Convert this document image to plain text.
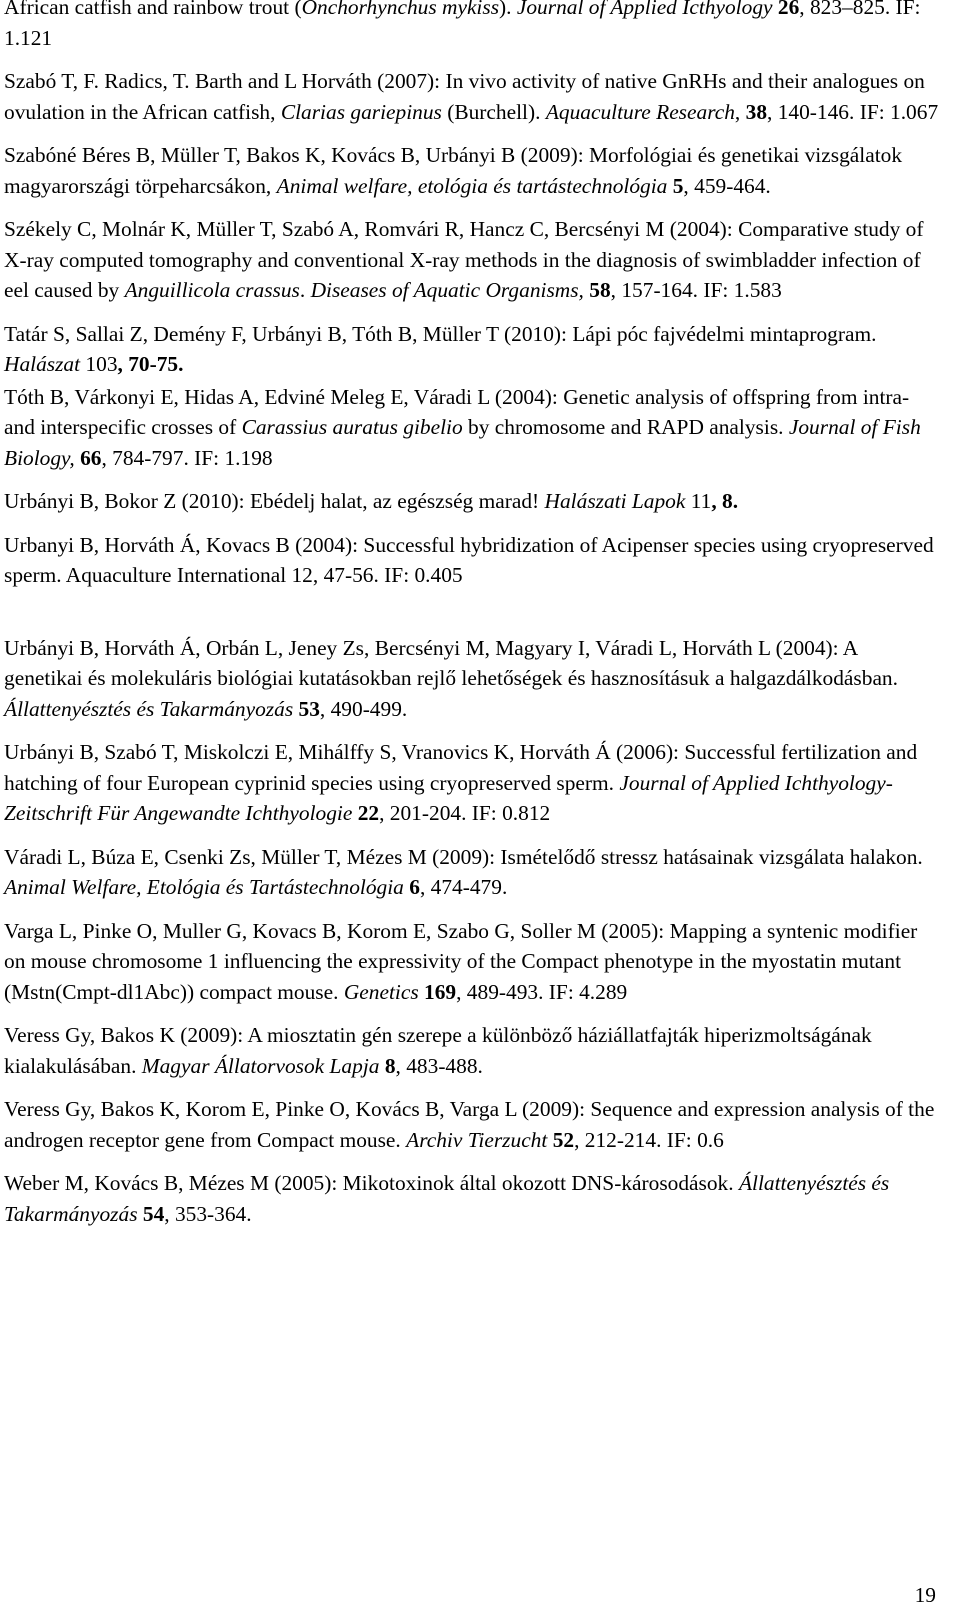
African catfish and rainbow trout (Onchorhynchus mykiss). Journal of Applied Icthyology 26, 823–825. IF: 1.121

Szabó T, F. Radics, T. Barth and L Horváth (2007): In vivo activity of native GnRHs and their analogues on ovulation in the African catfish, Clarias gariepinus (Burchell). Aquaculture Research, 38, 140-146. IF: 1.067

Szabóné Béres B, Müller T, Bakos K, Kovács B, Urbányi B (2009): Morfológiai és genetikai vizsgálatok magyarországi törpeharcsákon, Animal welfare, etológia és tartástechnológia 5, 459-464.

Székely C, Molnár K, Müller T, Szabó A, Romvári R, Hancz C, Bercsényi M (2004): Comparative study of X-ray computed tomography and conventional X-ray methods in the diagnosis of swimbladder infection of eel caused by Anguillicola crassus. Diseases of Aquatic Organisms, 58, 157-164. IF: 1.583

Tatár S, Sallai Z, Demény F, Urbányi B, Tóth B, Müller T (2010): Lápi póc fajvédelmi mintaprogram. Halászat 103, 70-75.

Tóth B, Várkonyi E, Hidas A, Edviné Meleg E, Váradi L (2004): Genetic analysis of offspring from intra- and interspecific crosses of Carassius auratus gibelio by chromosome and RAPD analysis. Journal of Fish Biology, 66, 784-797. IF: 1.198

Urbányi B, Bokor Z (2010): Ebédelj halat, az egészség marad! Halászati Lapok 11, 8.

Urbanyi B, Horváth Á, Kovacs B (2004): Successful hybridization of Acipenser species using cryopreserved sperm. Aquaculture International 12, 47-56. IF: 0.405

Urbányi B, Horváth Á, Orbán L, Jeney Zs, Bercsényi M, Magyary I, Váradi L, Horváth L (2004): A genetikai és molekuláris biológiai kutatásokban rejlő lehetőségek és hasznosításuk a halgazdálkodásban. Állattenyésztés és Takarmányozás 53, 490-499.

Urbányi B, Szabó T, Miskolczi E, Mihálffy S, Vranovics K, Horváth Á (2006): Successful fertilization and hatching of four European cyprinid species using cryopreserved sperm. Journal of Applied Ichthyology-Zeitschrift Für Angewandte Ichthyologie 22, 201-204. IF: 0.812

Váradi L, Búza E, Csenki Zs, Müller T, Mézes M (2009): Ismételődő stressz hatásainak vizsgálata halakon. Animal Welfare, Etológia és Tartástechnológia 6, 474-479.

Varga L, Pinke O, Muller G, Kovacs B, Korom E, Szabo G, Soller M (2005): Mapping a syntenic modifier on mouse chromosome 1 influencing the expressivity of the Compact phenotype in the myostatin mutant (Mstn(Cmpt-dl1Abc)) compact mouse. Genetics 169, 489-493. IF: 4.289

Veress Gy, Bakos K (2009): A miosztatin gén szerepe a különböző háziállatfajták hiperizmoltságának kialakulásában. Magyar Állatorvosok Lapja 8, 483-488.

Veress Gy, Bakos K, Korom E, Pinke O, Kovács B, Varga L (2009): Sequence and expression analysis of the androgen receptor gene from Compact mouse. Archiv Tierzucht 52, 212-214. IF: 0.6

Weber M, Kovács B, Mézes M (2005): Mikotoxinok által okozott DNS-károsodások. Állattenyésztés és Takarmányozás 54, 353-364.

19
